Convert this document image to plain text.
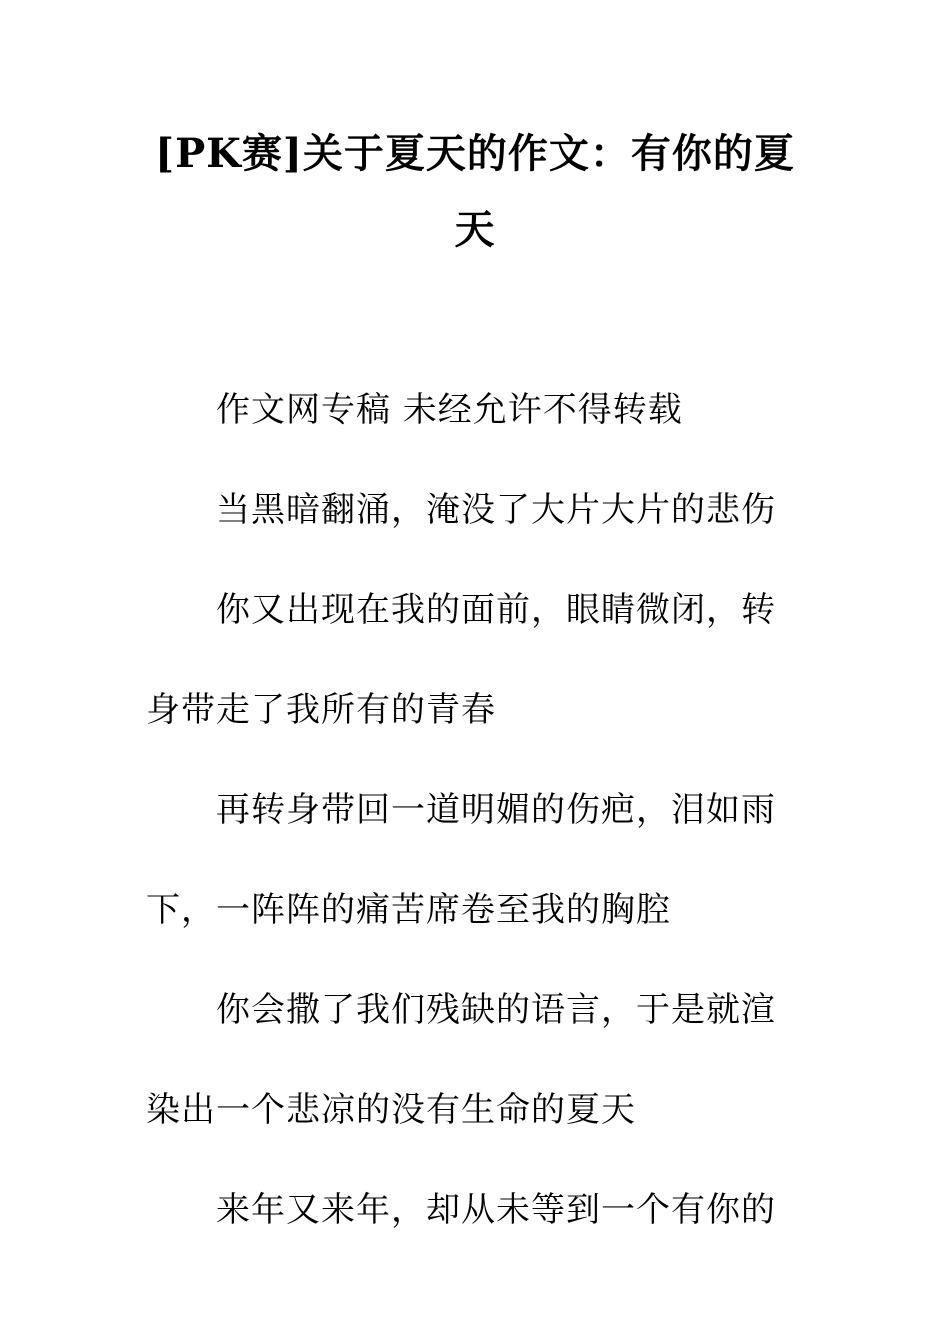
[PK赛]关于夏天的作文：有你的夏
天

作文网专稿 未经允许不得转载

当黑暗翻涌，淹没了大片大片的悲伤

你又出现在我的面前，眼睛微闭，转身带走了我所有的青春

再转身带回一道明媚的伤疤，泪如雨下，一阵阵的痛苦席卷至我的胸腔

你会撒了我们残缺的语言，于是就渲染出一个悲凉的没有生命的夏天

来年又来年，却从未等到一个有你的
